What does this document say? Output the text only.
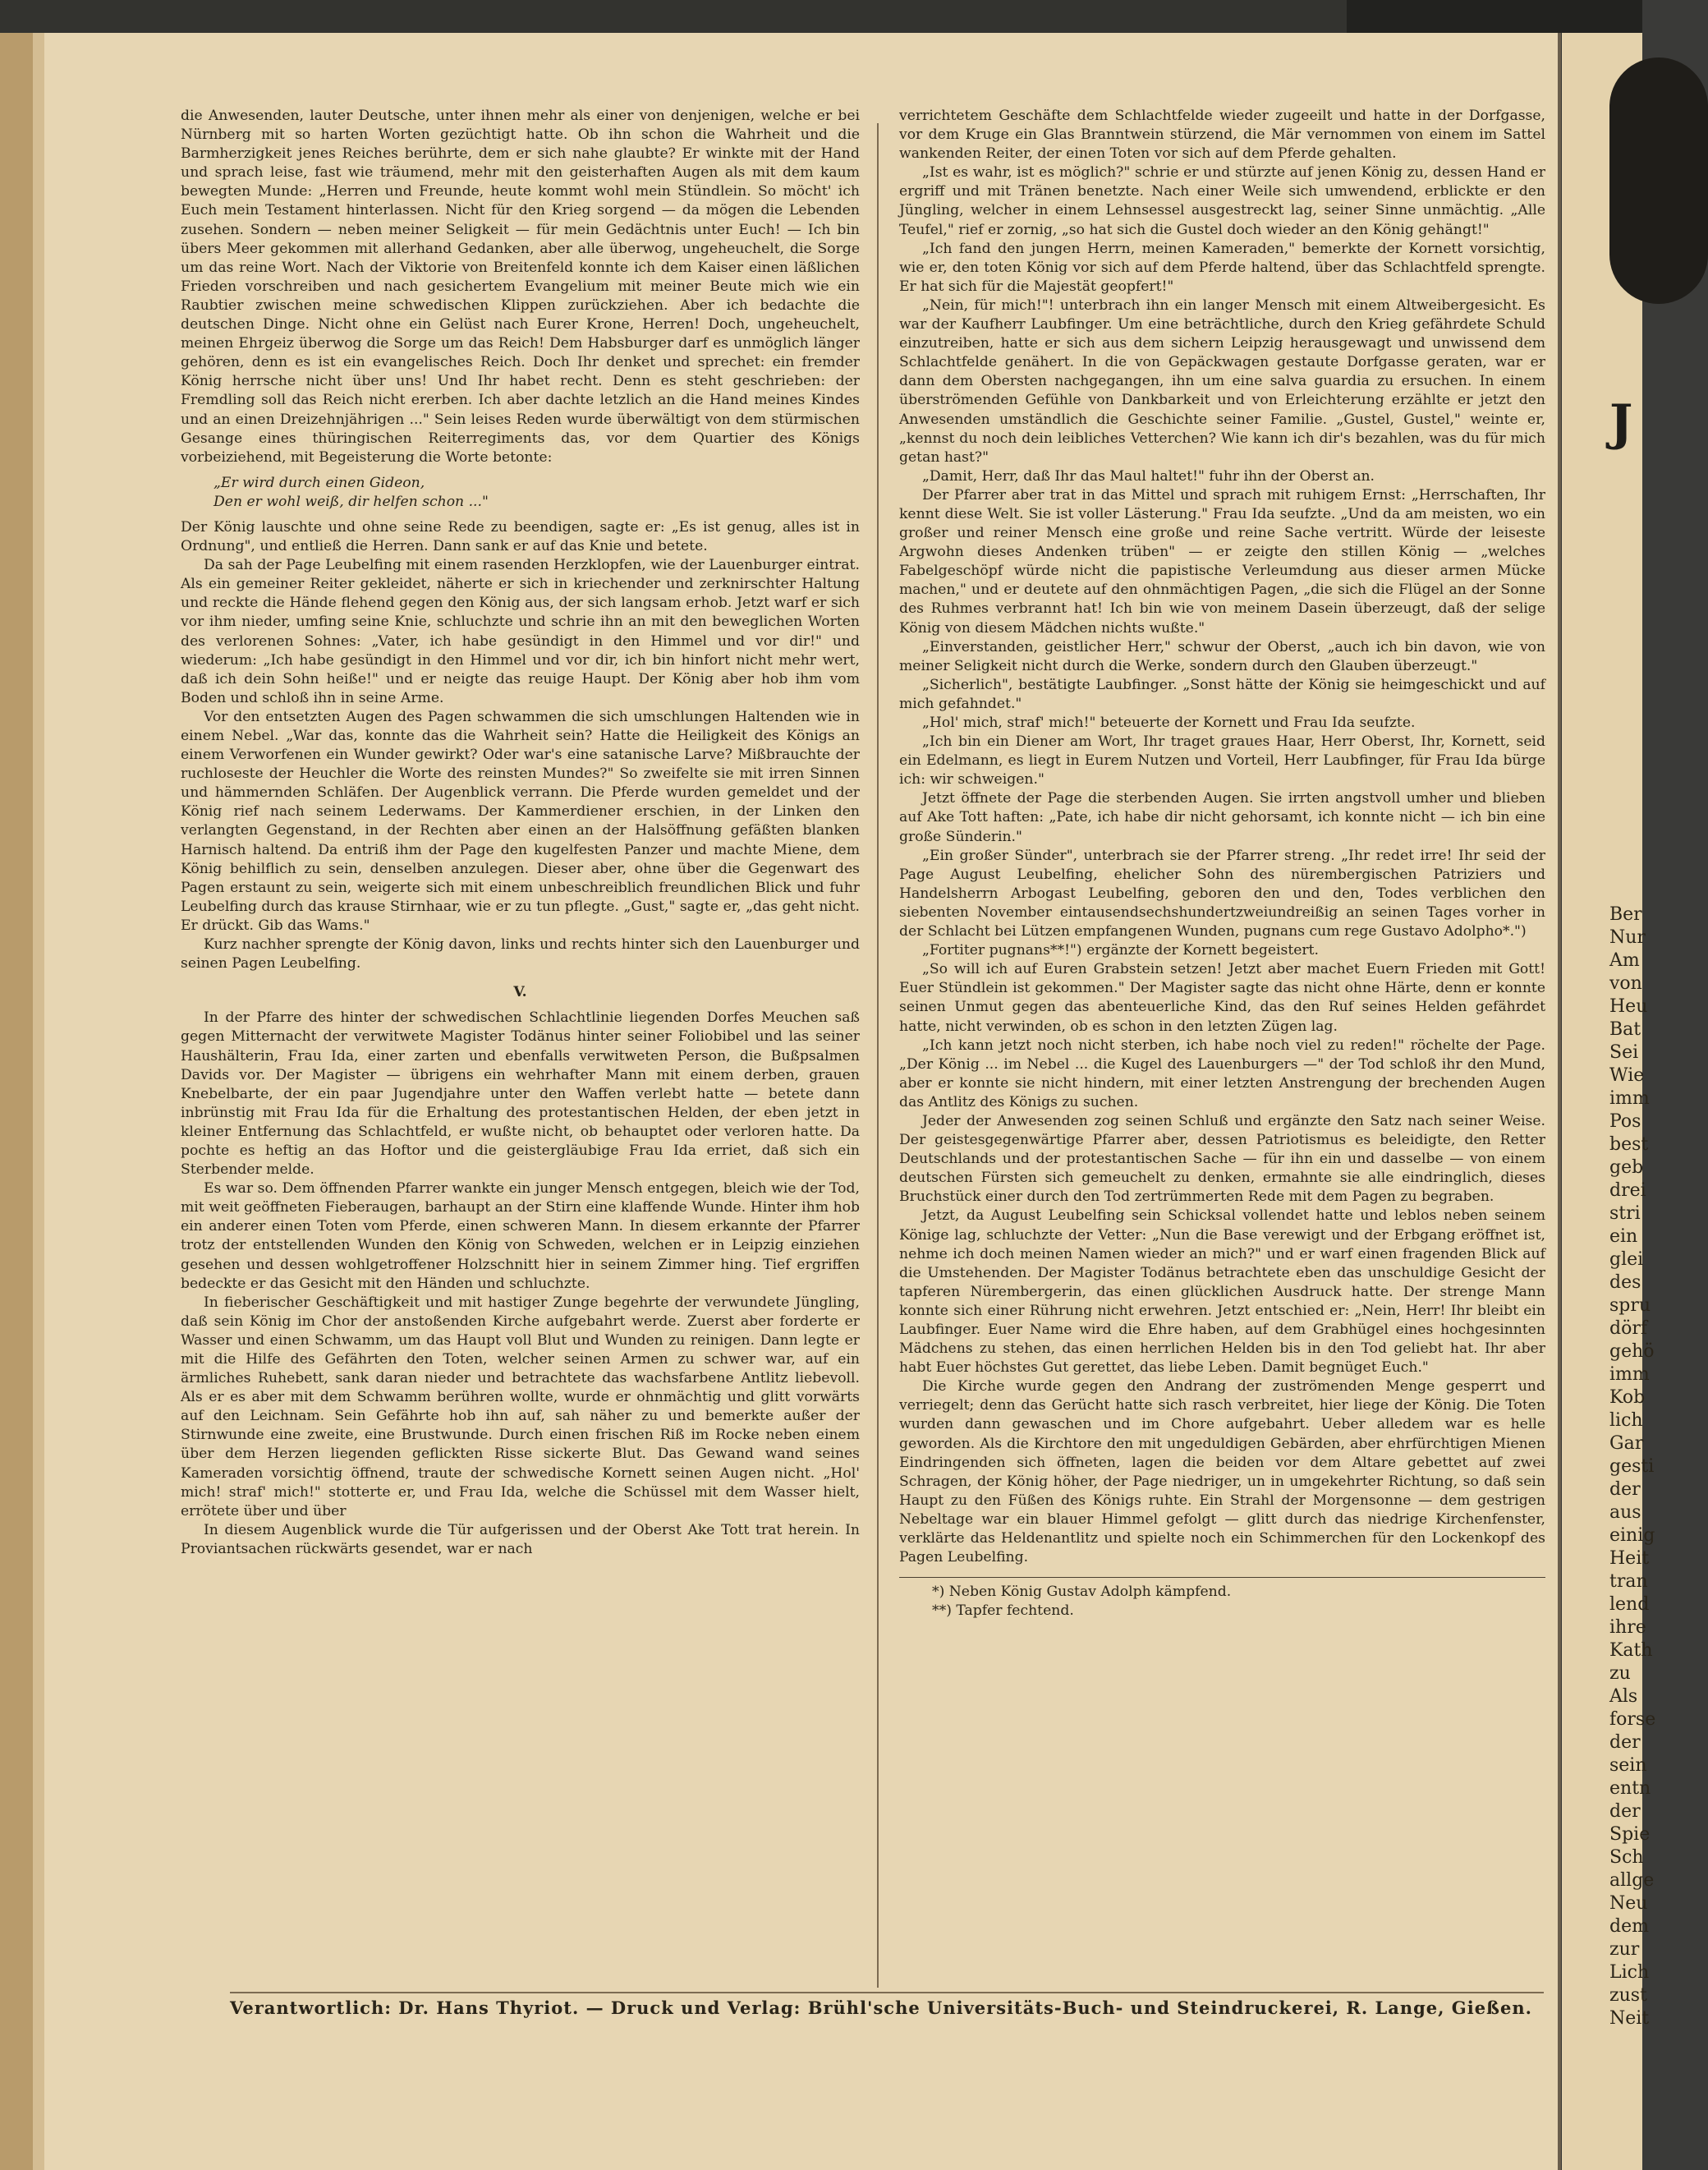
die Anwesenden, lauter Deutsche, unter ihnen mehr als einer von denjenigen, welche er bei Nürnberg mit so harten Worten gezüchtigt hatte. Ob ihn schon die Wahrheit und die Barmherzigkeit jenes Reiches berührte, dem er sich nahe glaubte? Er winkte mit der Hand und sprach leise, fast wie träumend, mehr mit den geisterhaften Augen als mit dem kaum bewegten Munde: „Herren und Freunde, heute kommt wohl mein Stündlein. So möcht' ich Euch mein Testament hinterlassen. Nicht für den Krieg sorgend — da mögen die Lebenden zusehen. Sondern — neben meiner Seligkeit — für mein Gedächtnis unter Euch! — Ich bin übers Meer gekommen mit allerhand Gedanken, aber alle überwog, ungeheuchelt, die Sorge um das reine Wort. Nach der Viktorie von Breitenfeld konnte ich dem Kaiser einen läßlichen Frieden vorschreiben und nach gesichertem Evangelium mit meiner Beute mich wie ein Raubtier zwischen meine schwedischen Klippen zurückziehen. Aber ich bedachte die deutschen Dinge. Nicht ohne ein Gelüst nach Eurer Krone, Herren! Doch, ungeheuchelt, meinen Ehrgeiz überwog die Sorge um das Reich! Dem Habsburger darf es unmöglich länger gehören, denn es ist ein evangelisches Reich. Doch Ihr denket und sprechet: ein fremder König herrsche nicht über uns! Und Ihr habet recht. Denn es steht geschrieben: der Fremdling soll das Reich nicht ererben. Ich aber dachte letzlich an die Hand meines Kindes und an einen Dreizehnjährigen ..." Sein leises Reden wurde überwältigt von dem stürmischen Gesange eines thüringischen Reiterregiments das, vor dem Quartier des Königs vorbeiziehend, mit Begeisterung die Worte betonte:

„Er wird durch einen Gideon,
Den er wohl weiß, dir helfen schon ..."

Der König lauschte und ohne seine Rede zu beendigen, sagte er: „Es ist genug, alles ist in Ordnung", und entließ die Herren. Dann sank er auf das Knie und betete.

Da sah der Page Leubelfing mit einem rasenden Herzklopfen, wie der Lauenburger eintrat. Als ein gemeiner Reiter gekleidet, näherte er sich in kriechender und zerknirschter Haltung und reckte die Hände flehend gegen den König aus, der sich langsam erhob. Jetzt warf er sich vor ihm nieder, umfing seine Knie, schluchzte und schrie ihn an mit den beweglichen Worten des verlorenen Sohnes: „Vater, ich habe gesündigt in den Himmel und vor dir!" und wiederum: „Ich habe gesündigt in den Himmel und vor dir, ich bin hinfort nicht mehr wert, daß ich dein Sohn heiße!" und er neigte das reuige Haupt. Der König aber hob ihm vom Boden und schloß ihn in seine Arme.

Vor den entsetzten Augen des Pagen schwammen die sich umschlungen Haltenden wie in einem Nebel. „War das, konnte das die Wahrheit sein? Hatte die Heiligkeit des Königs an einem Verworfenen ein Wunder gewirkt? Oder war's eine satanische Larve? Mißbrauchte der ruchloseste der Heuchler die Worte des reinsten Mundes?" So zweifelte sie mit irren Sinnen und hämmernden Schläfen. Der Augenblick verrann. Die Pferde wurden gemeldet und der König rief nach seinem Lederwams. Der Kammerdiener erschien, in der Linken den verlangten Gegenstand, in der Rechten aber einen an der Halsöffnung gefäßten blanken Harnisch haltend. Da entriß ihm der Page den kugelfesten Panzer und machte Miene, dem König behilflich zu sein, denselben anzulegen. Dieser aber, ohne über die Gegenwart des Pagen erstaunt zu sein, weigerte sich mit einem unbeschreiblich freundlichen Blick und fuhr Leubelfing durch das krause Stirnhaar, wie er zu tun pflegte. „Gust," sagte er, „das geht nicht. Er drückt. Gib das Wams."

Kurz nachher sprengte der König davon, links und rechts hinter sich den Lauenburger und seinen Pagen Leubelfing.

V.

In der Pfarre des hinter der schwedischen Schlachtlinie liegenden Dorfes Meuchen saß gegen Mitternacht der verwitwete Magister Todänus hinter seiner Foliobibel und las seiner Haushälterin, Frau Ida, einer zarten und ebenfalls verwitweten Person, die Bußpsalmen Davids vor. Der Magister — übrigens ein wehrhafter Mann mit einem derben, grauen Knebelbarte, der ein paar Jugendjahre unter den Waffen verlebt hatte — betete dann inbrünstig mit Frau Ida für die Erhaltung des protestantischen Helden, der eben jetzt in kleiner Entfernung das Schlachtfeld, er wußte nicht, ob behauptet oder verloren hatte. Da pochte es heftig an das Hoftor und die geistergläubige Frau Ida erriet, daß sich ein Sterbender melde.

Es war so. Dem öffnenden Pfarrer wankte ein junger Mensch entgegen, bleich wie der Tod, mit weit geöffneten Fieberaugen, barhaupt an der Stirn eine klaffende Wunde. Hinter ihm hob ein anderer einen Toten vom Pferde, einen schweren Mann. In diesem erkannte der Pfarrer trotz der entstellenden Wunden den König von Schweden, welchen er in Leipzig einziehen gesehen und dessen wohlgetroffener Holzschnitt hier in seinem Zimmer hing. Tief ergriffen bedeckte er das Gesicht mit den Händen und schluchzte.

In fieberischer Geschäftigkeit und mit hastiger Zunge begehrte der verwundete Jüngling, daß sein König im Chor der anstoßenden Kirche aufgebahrt werde. Zuerst aber forderte er Wasser und einen Schwamm, um das Haupt voll Blut und Wunden zu reinigen. Dann legte er mit die Hilfe des Gefährten den Toten, welcher seinen Armen zu schwer war, auf ein ärmliches Ruhebett, sank daran nieder und betrachtete das wachsfarbene Antlitz liebevoll. Als er es aber mit dem Schwamm berühren wollte, wurde er ohnmächtig und glitt vorwärts auf den Leichnam. Sein Gefährte hob ihn auf, sah näher zu und bemerkte außer der Stirnwunde eine zweite, eine Brustwunde. Durch einen frischen Riß im Rocke neben einem über dem Herzen liegenden geflickten Risse sickerte Blut. Das Gewand wand seines Kameraden vorsichtig öffnend, traute der schwedische Kornett seinen Augen nicht. „Hol' mich! straf' mich!" stotterte er, und Frau Ida, welche die Schüssel mit dem Wasser hielt, errötete über und über

In diesem Augenblick wurde die Tür aufgerissen und der Oberst Ake Tott trat herein. In Proviantsachen rückwärts gesendet, war er nach

verrichtetem Geschäfte dem Schlachtfelde wieder zugeeilt und hatte in der Dorfgasse, vor dem Kruge ein Glas Branntwein stürzend, die Mär vernommen von einem im Sattel wankenden Reiter, der einen Toten vor sich auf dem Pferde gehalten.

„Ist es wahr, ist es möglich?" schrie er und stürzte auf jenen König zu, dessen Hand er ergriff und mit Tränen benetzte. Nach einer Weile sich umwendend, erblickte er den Jüngling, welcher in einem Lehnsessel ausgestreckt lag, seiner Sinne unmächtig. „Alle Teufel," rief er zornig, „so hat sich die Gustel doch wieder an den König gehängt!"

„Ich fand den jungen Herrn, meinen Kameraden," bemerkte der Kornett vorsichtig, wie er, den toten König vor sich auf dem Pferde haltend, über das Schlachtfeld sprengte. Er hat sich für die Majestät geopfert!"

„Nein, für mich!"! unterbrach ihn ein langer Mensch mit einem Altweibergesicht. Es war der Kaufherr Laubfinger. Um eine beträchtliche, durch den Krieg gefährdete Schuld einzutreiben, hatte er sich aus dem sichern Leipzig herausgewagt und unwissend dem Schlachtfelde genähert. In die von Gepäckwagen gestaute Dorfgasse geraten, war er dann dem Obersten nachgegangen, ihn um eine salva guardia zu ersuchen. In einem überströmenden Gefühle von Dankbarkeit und von Erleichterung erzählte er jetzt den Anwesenden umständlich die Geschichte seiner Familie. „Gustel, Gustel," weinte er, „kennst du noch dein leibliches Vetterchen? Wie kann ich dir's bezahlen, was du für mich getan hast?"

„Damit, Herr, daß Ihr das Maul haltet!" fuhr ihn der Oberst an.

Der Pfarrer aber trat in das Mittel und sprach mit ruhigem Ernst: „Herrschaften, Ihr kennt diese Welt. Sie ist voller Lästerung." Frau Ida seufzte. „Und da am meisten, wo ein großer und reiner Mensch eine große und reine Sache vertritt. Würde der leiseste Argwohn dieses Andenken trüben" — er zeigte den stillen König — „welches Fabelgeschöpf würde nicht die papistische Verleumdung aus dieser armen Mücke machen," und er deutete auf den ohnmächtigen Pagen, „die sich die Flügel an der Sonne des Ruhmes verbrannt hat! Ich bin wie von meinem Dasein überzeugt, daß der selige König von diesem Mädchen nichts wußte."

„Einverstanden, geistlicher Herr," schwur der Oberst, „auch ich bin davon, wie von meiner Seligkeit nicht durch die Werke, sondern durch den Glauben überzeugt."

„Sicherlich", bestätigte Laubfinger. „Sonst hätte der König sie heimgeschickt und auf mich gefahndet."

„Hol' mich, straf' mich!" beteuerte der Kornett und Frau Ida seufzte.

„Ich bin ein Diener am Wort, Ihr traget graues Haar, Herr Oberst, Ihr, Kornett, seid ein Edelmann, es liegt in Eurem Nutzen und Vorteil, Herr Laubfinger, für Frau Ida bürge ich: wir schweigen."

Jetzt öffnete der Page die sterbenden Augen. Sie irrten angstvoll umher und blieben auf Ake Tott haften: „Pate, ich habe dir nicht gehorsamt, ich konnte nicht — ich bin eine große Sünderin."

„Ein großer Sünder", unterbrach sie der Pfarrer streng. „Ihr redet irre! Ihr seid der Page August Leubelfing, ehelicher Sohn des nürembergischen Patriziers und Handelsherrn Arbogast Leubelfing, geboren den und den, Todes verblichen den siebenten November eintausendsechshundertzweiundreißig an seinen Tages vorher in der Schlacht bei Lützen empfangenen Wunden, pugnans cum rege Gustavo Adolpho*.")

„Fortiter pugnans**!") ergänzte der Kornett begeistert.

„So will ich auf Euren Grabstein setzen! Jetzt aber machet Euern Frieden mit Gott! Euer Stündlein ist gekommen." Der Magister sagte das nicht ohne Härte, denn er konnte seinen Unmut gegen das abenteuerliche Kind, das den Ruf seines Helden gefährdet hatte, nicht verwinden, ob es schon in den letzten Zügen lag.

„Ich kann jetzt noch nicht sterben, ich habe noch viel zu reden!" röchelte der Page. „Der König ... im Nebel ... die Kugel des Lauenburgers —" der Tod schloß ihr den Mund, aber er konnte sie nicht hindern, mit einer letzten Anstrengung der brechenden Augen das Antlitz des Königs zu suchen.

Jeder der Anwesenden zog seinen Schluß und ergänzte den Satz nach seiner Weise. Der geistesgegenwärtige Pfarrer aber, dessen Patriotismus es beleidigte, den Retter Deutschlands und der protestantischen Sache — für ihn ein und dasselbe — von einem deutschen Fürsten sich gemeuchelt zu denken, ermahnte sie alle eindringlich, dieses Bruchstück einer durch den Tod zertrümmerten Rede mit dem Pagen zu begraben.

Jetzt, da August Leubelfing sein Schicksal vollendet hatte und leblos neben seinem Könige lag, schluchzte der Vetter: „Nun die Base verewigt und der Erbgang eröffnet ist, nehme ich doch meinen Namen wieder an mich?" und er warf einen fragenden Blick auf die Umstehenden. Der Magister Todänus betrachtete eben das unschuldige Gesicht der tapferen Nürembergerin, das einen glücklichen Ausdruck hatte. Der strenge Mann konnte sich einer Rührung nicht erwehren. Jetzt entschied er: „Nein, Herr! Ihr bleibt ein Laubfinger. Euer Name wird die Ehre haben, auf dem Grabhügel eines hochgesinnten Mädchens zu stehen, das einen herrlichen Helden bis in den Tod geliebt hat. Ihr aber habt Euer höchstes Gut gerettet, das liebe Leben. Damit begnüget Euch."

Die Kirche wurde gegen den Andrang der zuströmenden Menge gesperrt und verriegelt; denn das Gerücht hatte sich rasch verbreitet, hier liege der König. Die Toten wurden dann gewaschen und im Chore aufgebahrt. Ueber alledem war es helle geworden. Als die Kirchtore den mit ungeduldigen Gebärden, aber ehrfürchtigen Mienen Eindringenden sich öffneten, lagen die beiden vor dem Altare gebettet auf zwei Schragen, der König höher, der Page niedriger, un in umgekehrter Richtung, so daß sein Haupt zu den Füßen des Königs ruhte. Ein Strahl der Morgensonne — dem gestrigen Nebeltage war ein blauer Himmel gefolgt — glitt durch das niedrige Kirchenfenster, verklärte das Heldenantlitz und spielte noch ein Schimmerchen für den Lockenkopf des Pagen Leubelfing.

*) Neben König Gustav Adolph kämpfend.
**) Tapfer fechtend.
Verantwortlich: Dr. Hans Thyriot. — Druck und Verlag: Brühl'sche Universitäts-Buch- und Steindruckerei, R. Lange, Gießen.
J
Ber
Nur
Am
von
Heu
Bat
Sei
Wie
imm
Pos
best
geb
drei
stri
ein
glei
des
spru
dörf
gehö
imm
Kob
lich
Gar
gesti
der
aus
einig
Heit
tran
lend
ihre
Kath
zu
Als
forse
der
sein
entn
der
Spie
Sch
allge
Neu
dem
zur
Lich
zust
Neit
